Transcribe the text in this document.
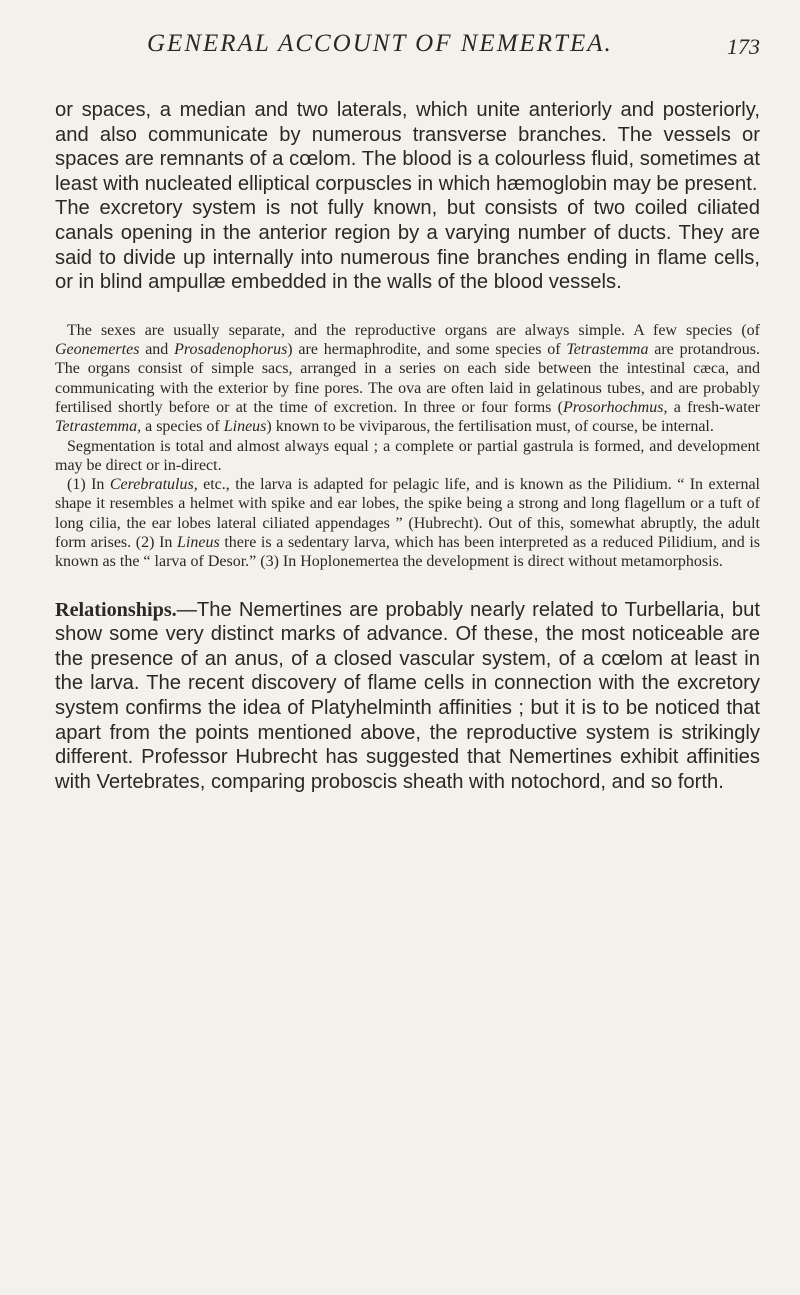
GENERAL ACCOUNT OF NEMERTEA.	173

or spaces, a median and two laterals, which unite anteriorly and posteriorly, and also communicate by numerous transverse branches. The vessels or spaces are remnants of a cœlom. The blood is a colourless fluid, sometimes at least with nucleated elliptical corpuscles in which hæmoglobin may be present.

The excretory system is not fully known, but consists of two coiled ciliated canals opening in the anterior region by a varying number of ducts. They are said to divide up internally into numerous fine branches ending in flame cells, or in blind ampullæ embedded in the walls of the blood vessels.

The sexes are usually separate, and the reproductive organs are always simple. A few species (of Geonemertes and Prosadenophorus) are hermaphrodite, and some species of Tetrastemma are protandrous. The organs consist of simple sacs, arranged in a series on each side between the intestinal cæca, and communicating with the exterior by fine pores. The ova are often laid in gelatinous tubes, and are probably fertilised shortly before or at the time of excretion. In three or four forms (Prosorhochmus, a fresh-water Tetrastemma, a species of Lineus) known to be viviparous, the fertilisation must, of course, be internal.

Segmentation is total and almost always equal ; a complete or partial gastrula is formed, and development may be direct or in-direct.

(1) In Cerebratulus, etc., the larva is adapted for pelagic life, and is known as the Pilidium. “ In external shape it resembles a helmet with spike and ear lobes, the spike being a strong and long flagellum or a tuft of long cilia, the ear lobes lateral ciliated appendages ” (Hubrecht). Out of this, somewhat abruptly, the adult form arises. (2) In Lineus there is a sedentary larva, which has been interpreted as a reduced Pilidium, and is known as the “ larva of Desor.” (3) In Hoplonemertea the development is direct without metamorphosis.

Relationships.—The Nemertines are probably nearly related to Turbellaria, but show some very distinct marks of advance. Of these, the most noticeable are the presence of an anus, of a closed vascular system, of a cœlom at least in the larva. The recent discovery of flame cells in connection with the excretory system confirms the idea of Platyhelminth affinities ; but it is to be noticed that apart from the points mentioned above, the reproductive system is strikingly different. Professor Hubrecht has suggested that Nemertines exhibit affinities with Vertebrates, comparing proboscis sheath with notochord, and so forth.
